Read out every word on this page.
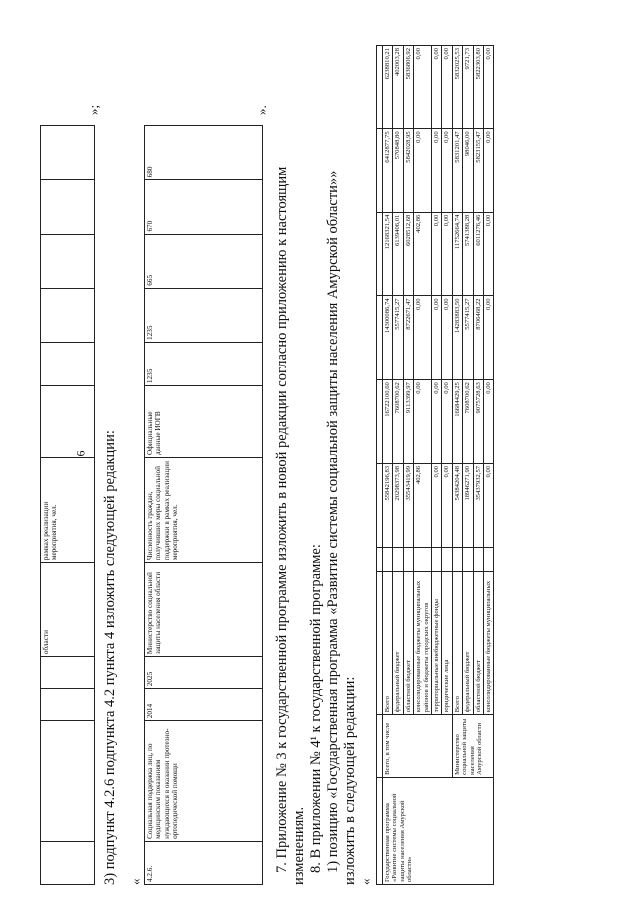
6
				области	рамках реализации мероприятия, чел.						
»;
«
3) подпункт 4.2.6 подпункта 4.2 пункта 4 изложить следующей редакции:	4.2.6.	Социальная поддержка лиц, по медицинским показаниям нуждающихся в оказании протезно-ортопедической помощи	2014	2025	Министерство социальной защиты населения области	Численность граждан, получивших меры социальной поддержки в рамках реализации мероприятия, чел.	Официальные данные ИОГВ	1235	1235	665	670	680
».
7. Приложение № 3 к государственной программе изложить в новой редакции согласно приложению к настоящим изменениям. 8. В приложении № 4¹ к государственной программе: 1) позицию «Государственная программа «Развитие системы социальной защиты населения Амурской области»» изложить в следующей редакции: «
									Государственная программа «Развитие системы социальной защиты населения Амурской области»	Всего, в том числе	Всего		55842196,83	16722100,60	14300086,74	12168321,54	6412877,75	6238810,21
		федеральный бюджет		20298373,98	7608700,62	5577415,27	6139406,01	570848,80	402003,28
		областной бюджет		35543419,99	9113399,97	8722671,47	6028512,68	5842028,95	5836806,92
		консолидированные бюджеты муниципальных районов и бюджеты городских округов		402,86	0,00	0,00	402,86	0,00	0,00
		территориальные внебюджетные фонды		0,00	0,00	0,00	0,00	0,00	0,00
		юридические лица		0,00	0,00	0,00	0,00	0,00	0,00
	Министерство социальной защиты населения Амурской области	Всего		54384204,48	16684429,25	14283883,50	11752664,74	5831201,47	5832025,53
		федеральный бюджет		18946271,90	7608700,62	5577415,27	5741388,28	98046,00	9721,73
		областной бюджет		35437932,57	9075728,63	8706468,22	6011276,46	5823155,47	5822303,80
		консолидированные бюджеты муниципальных		0,00	0,00	0,00	0,00	0,00	0,00
